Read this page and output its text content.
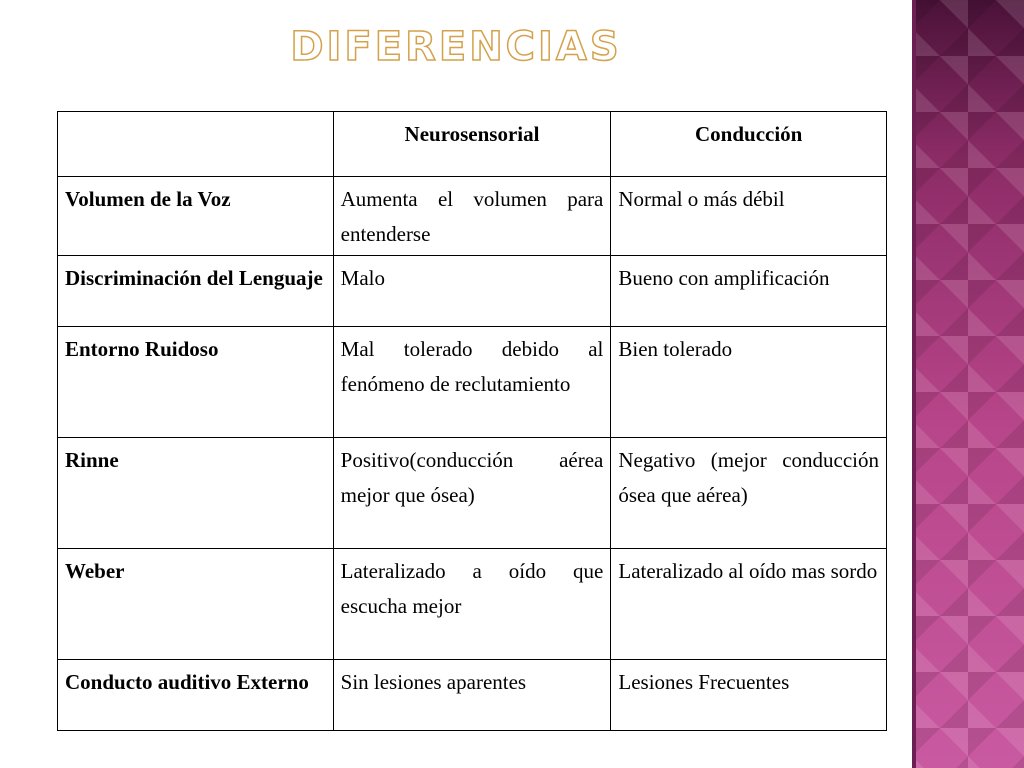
DIFERENCIAS
	Neurosensorial	Conducción
Volumen de la Voz	Aumenta el volumen para entenderse	Normal o más débil
Discriminación del Lenguaje	Malo	Bueno con amplificación
Entorno Ruidoso	Mal tolerado debido al fenómeno de reclutamiento	Bien tolerado
Rinne	Positivo(conducción aérea mejor que ósea)	Negativo (mejor conducción ósea que aérea)
Weber	Lateralizado a oído que escucha mejor	Lateralizado al oído mas sordo
Conducto auditivo Externo	Sin lesiones aparentes	Lesiones Frecuentes
